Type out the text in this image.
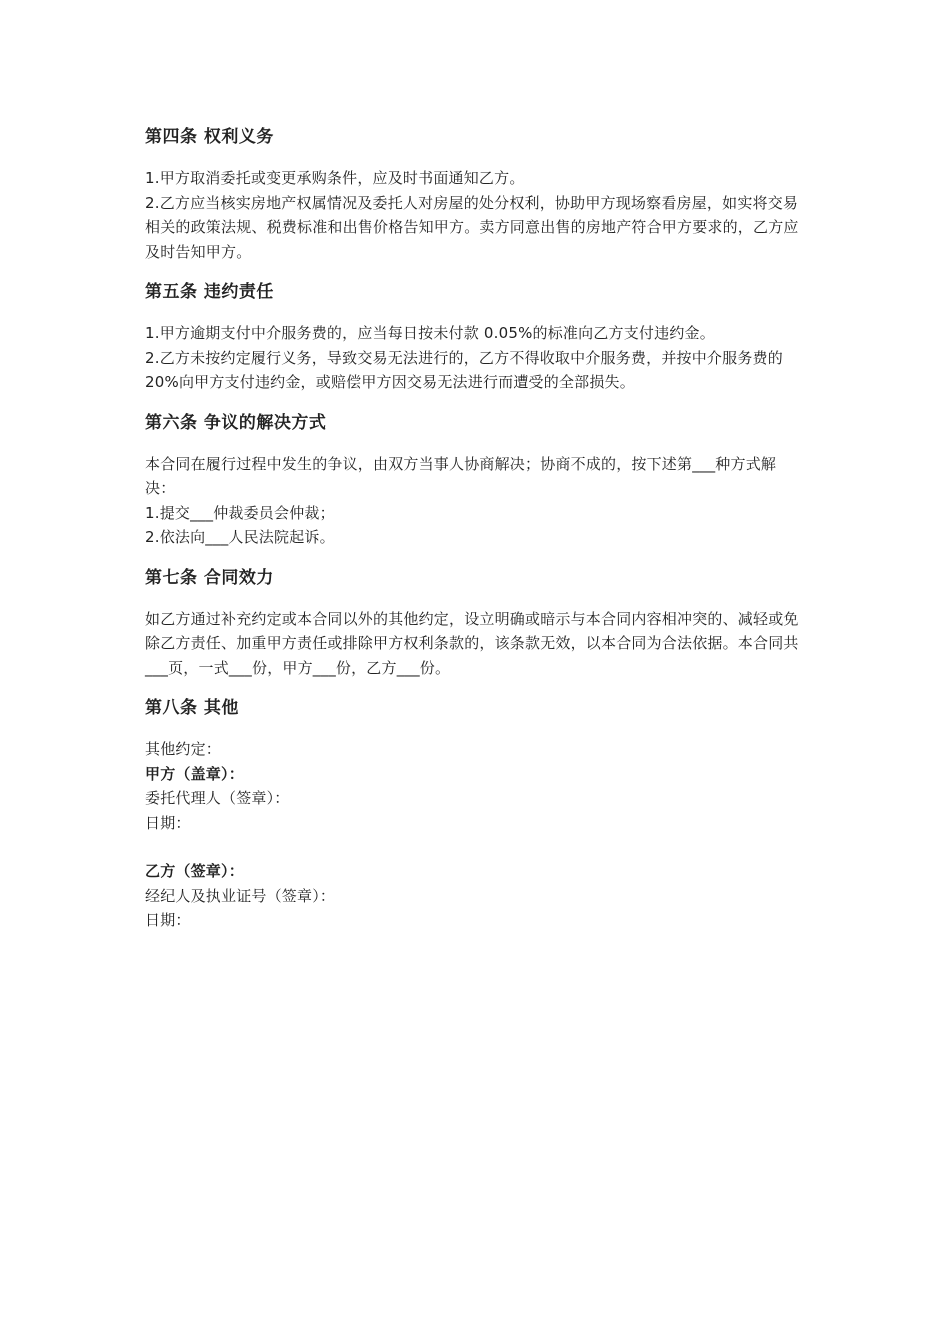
第四条 权利义务

1.甲方取消委托或变更承购条件，应及时书面通知乙方。

2.乙方应当核实房地产权属情况及委托人对房屋的处分权利，协助甲方现场察看房屋，如实将交易相关的政策法规、税费标准和出售价格告知甲方。卖方同意出售的房地产符合甲方要求的，乙方应及时告知甲方。

第五条 违约责任

1.甲方逾期支付中介服务费的，应当每日按未付款 0.05%的标准向乙方支付违约金。

2.乙方未按约定履行义务，导致交易无法进行的，乙方不得收取中介服务费，并按中介服务费的 20%向甲方支付违约金，或赔偿甲方因交易无法进行而遭受的全部损失。

第六条 争议的解决方式

本合同在履行过程中发生的争议，由双方当事人协商解决；协商不成的，按下述第___种方式解决：

1.提交___仲裁委员会仲裁；

2.依法向___人民法院起诉。

第七条 合同效力

如乙方通过补充约定或本合同以外的其他约定，设立明确或暗示与本合同内容相冲突的、减轻或免除乙方责任、加重甲方责任或排除甲方权利条款的，该条款无效，以本合同为合法依据。本合同共___页，一式___份，甲方___份，乙方___份。

第八条 其他

其他约定：

甲方（盖章）：

委托代理人（签章）：

日期：

乙方（签章）：

经纪人及执业证号（签章）：

日期：
